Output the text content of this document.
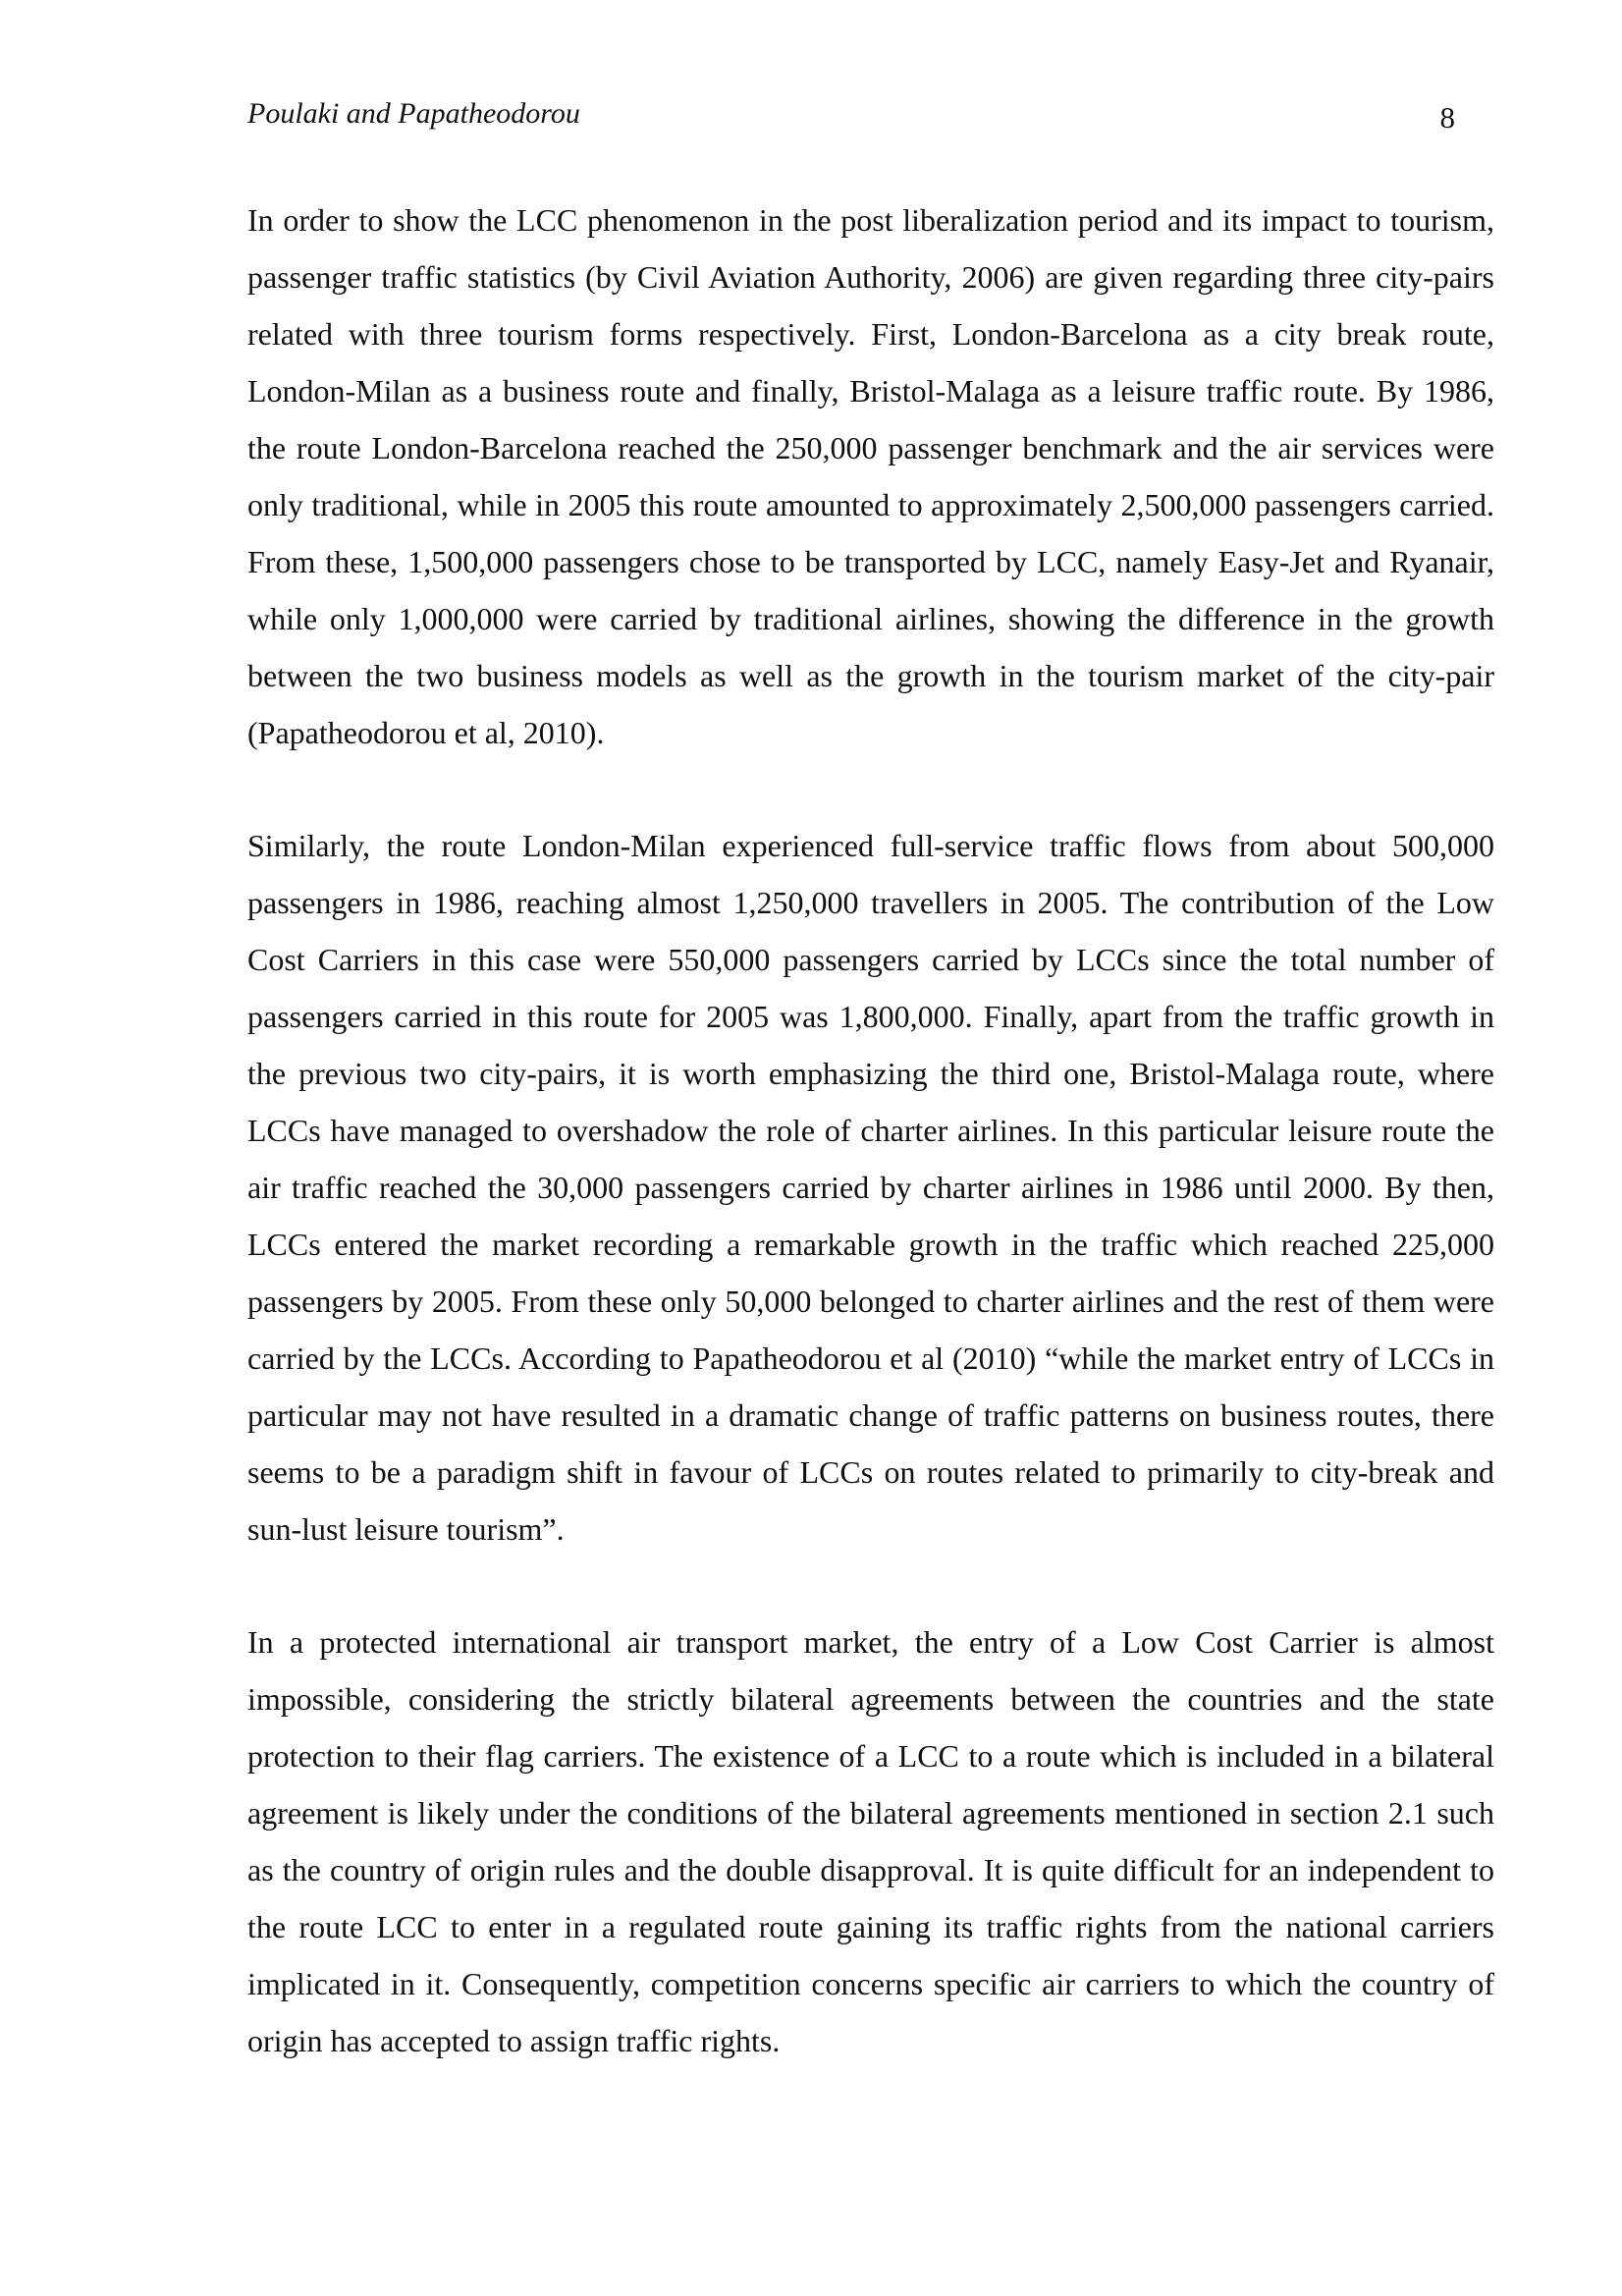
Poulaki and Papatheodorou	8

In order to show the LCC phenomenon in the post liberalization period and its impact to tourism, passenger traffic statistics (by Civil Aviation Authority, 2006) are given regarding three city-pairs related with three tourism forms respectively. First, London-Barcelona as a city break route, London-Milan as a business route and finally, Bristol-Malaga as a leisure traffic route. By 1986, the route London-Barcelona reached the 250,000 passenger benchmark and the air services were only traditional, while in 2005 this route amounted to approximately 2,500,000 passengers carried. From these, 1,500,000 passengers chose to be transported by LCC, namely Easy-Jet and Ryanair, while only 1,000,000 were carried by traditional airlines, showing the difference in the growth between the two business models as well as the growth in the tourism market of the city-pair (Papatheodorou et al, 2010).

Similarly, the route London-Milan experienced full-service traffic flows from about 500,000 passengers in 1986, reaching almost 1,250,000 travellers in 2005. The contribution of the Low Cost Carriers in this case were 550,000 passengers carried by LCCs since the total number of passengers carried in this route for 2005 was 1,800,000. Finally, apart from the traffic growth in the previous two city-pairs, it is worth emphasizing the third one, Bristol-Malaga route, where LCCs have managed to overshadow the role of charter airlines. In this particular leisure route the air traffic reached the 30,000 passengers carried by charter airlines in 1986 until 2000. By then, LCCs entered the market recording a remarkable growth in the traffic which reached 225,000 passengers by 2005. From these only 50,000 belonged to charter airlines and the rest of them were carried by the LCCs. According to Papatheodorou et al (2010) “while the market entry of LCCs in particular may not have resulted in a dramatic change of traffic patterns on business routes, there seems to be a paradigm shift in favour of LCCs on routes related to primarily to city-break and sun-lust leisure tourism”.

In a protected international air transport market, the entry of a Low Cost Carrier is almost impossible, considering the strictly bilateral agreements between the countries and the state protection to their flag carriers. The existence of a LCC to a route which is included in a bilateral agreement is likely under the conditions of the bilateral agreements mentioned in section 2.1 such as the country of origin rules and the double disapproval. It is quite difficult for an independent to the route LCC to enter in a regulated route gaining its traffic rights from the national carriers implicated in it. Consequently, competition concerns specific air carriers to which the country of origin has accepted to assign traffic rights.
